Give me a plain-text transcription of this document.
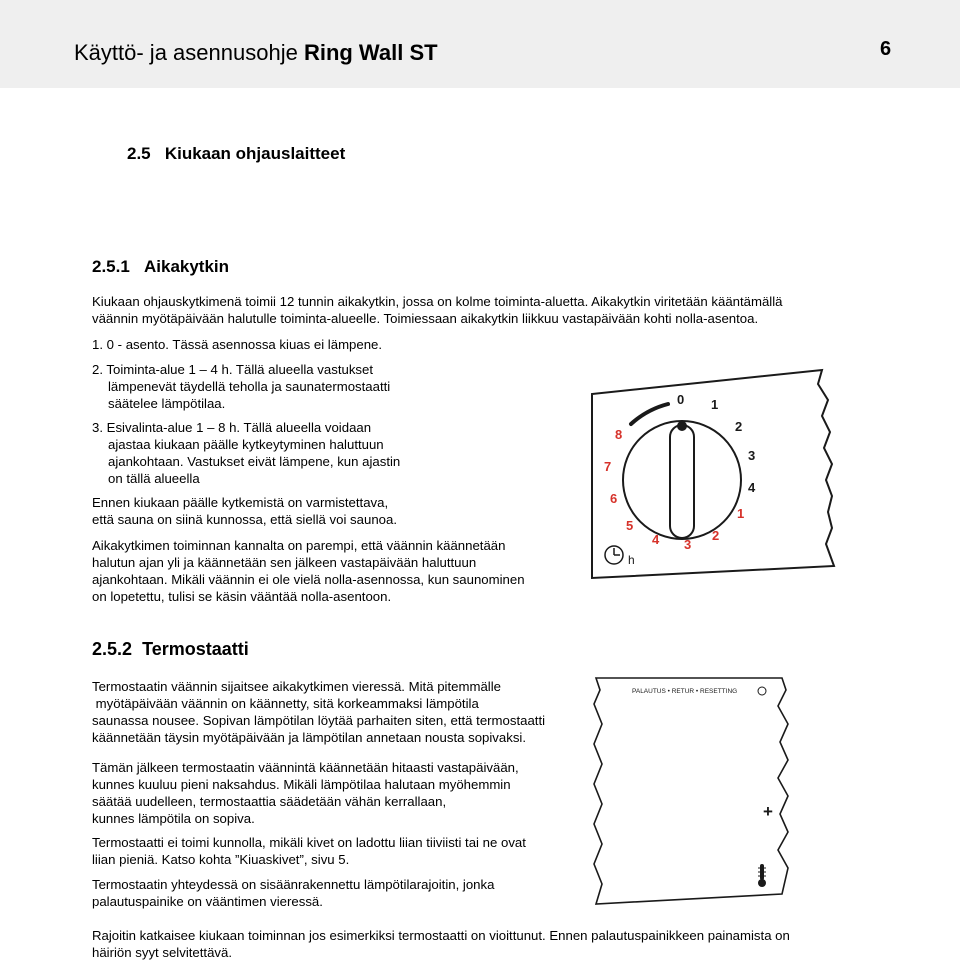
Käyttö- ja asennusohje Ring Wall ST	6
2.5 Kiukaan ohjauslaitteet
2.5.1 Aikakytkin
Kiukaan ohjauskytkimenä toimii 12 tunnin aikakytkin, jossa on kolme toiminta-aluetta. Aikakytkin viritetään kääntämällä
väännin myötäpäivään halutulle toiminta-alueelle. Toimiessaan aikakytkin liikkuu vastapäivään kohti nolla-asentoa.
1. 0 - asento. Tässä asennossa kiuas ei lämpene.
2. Toiminta-alue 1 – 4 h. Tällä alueella vastukset
lämpenevät täydellä teholla ja saunatermostaatti
säätelee lämpötilaa.
3. Esivalinta-alue 1 – 8 h. Tällä alueella voidaan
ajastaa kiukaan päälle kytkeytyminen haluttuun
ajankohtaan. Vastukset eivät lämpene, kun ajastin
on tällä alueella
Ennen kiukaan päälle kytkemistä on varmistettava,
että sauna on siinä kunnossa, että siellä voi saunoa.
Aikakytkimen toiminnan kannalta on parempi, että väännin käännetään
halutun ajan yli ja käännetään sen jälkeen vastapäivään haluttuun
ajankohtaan. Mikäli väännin ei ole vielä nolla-asennossa, kun saunominen
on lopetettu, tulisi se käsin vääntää nolla-asentoon.
0 1
2
3
4
8
7
6
5
4 3
2
1
h
2.5.2 Termostaatti
Termostaatin väännin sijaitsee aikakytkimen vieressä. Mitä pitemmälle
myötäpäivään väännin on käännetty, sitä korkeammaksi lämpötila
saunassa nousee. Sopivan lämpötilan löytää parhaiten siten, että termostaatti
käännetään täysin myötäpäivään ja lämpötilan annetaan nousta sopivaksi.
Tämän jälkeen termostaatin väännintä käännetään hitaasti vastapäivään,
kunnes kuuluu pieni naksahdus. Mikäli lämpötilaa halutaan myöhemmin
säätää uudelleen, termostaattia säädetään vähän kerrallaan,
kunnes lämpötila on sopiva.
Termostaatti ei toimi kunnolla, mikäli kivet on ladottu liian tiiviisti tai ne ovat
liian pieniä. Katso kohta ”Kiuaskivet”, sivu 5.
Termostaatin yhteydessä on sisäänrakennettu lämpötilarajoitin, jonka
palautuspainike on vääntimen vieressä.
Rajoitin katkaisee kiukaan toiminnan jos esimerkiksi termostaatti on vioittunut. Ennen palautuspainikkeen painamista on
häiriön syyt selvitettävä.
PALAUTUS • RETUR • RESETTING
+
